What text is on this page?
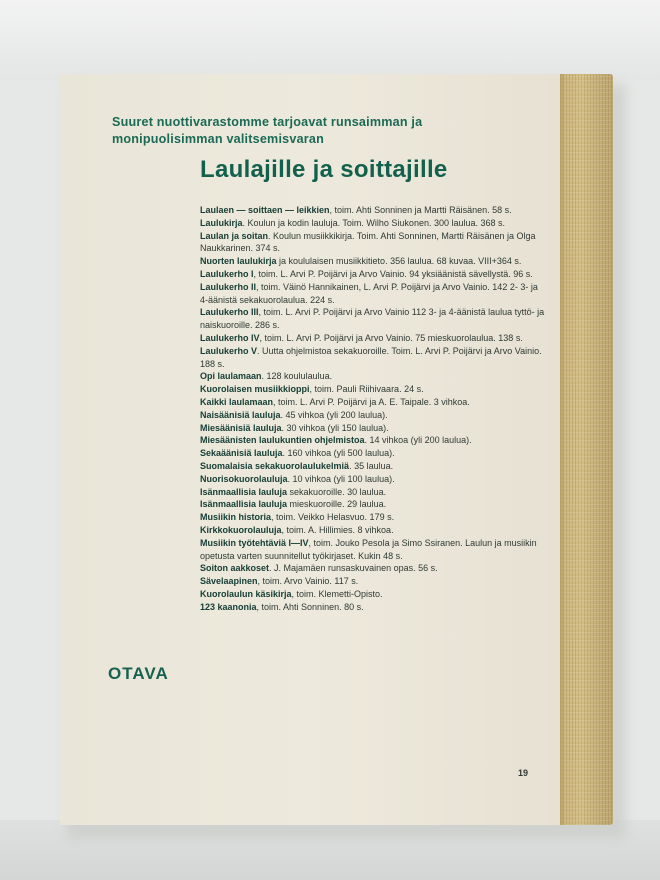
Suuret nuottivarastomme tarjoavat runsaimman ja monipuolisimman valitsemisvaran
Laulajille ja soittajille
Laulaen — soittaen — leikkien, toim. Ahti Sonninen ja Martti Räisänen. 58 s.
Laulukirja. Koulun ja kodin lauluja. Toim. Wilho Siukonen. 300 laulua. 368 s.
Laulan ja soitan. Koulun musiikkikirja. Toim. Ahti Sonninen, Martti Räisänen ja Olga Naukkarinen. 374 s.
Nuorten laulukirja ja koululaisen musiikkitieto. 356 laulua. 68 kuvaa. VIII+364 s.
Laulukerho I, toim. L. Arvi P. Poijärvi ja Arvo Vainio. 94 yksiäänistä sävellystä. 96 s.
Laulukerho II, toim. Väinö Hannikainen, L. Arvi P. Poijärvi ja Arvo Vainio. 142 2- 3- ja 4-äänistä sekakuorolaulua. 224 s.
Laulukerho III, toim. L. Arvi P. Poijärvi ja Arvo Vainio 112 3- ja 4-äänistä laulua tyttö- ja naiskuoroille. 286 s.
Laulukerho IV, toim. L. Arvi P. Poijärvi ja Arvo Vainio. 75 mieskuorolaulua. 138 s.
Laulukerho V. Uutta ohjelmistoa sekakuoroille. Toim. L. Arvi P. Poijärvi ja Arvo Vainio. 188 s.
Opi laulamaan. 128 koululaulua.
Kuorolaisen musiikkioppi, toim. Pauli Riihivaara. 24 s.
Kaikki laulamaan, toim. L. Arvi P. Poijärvi ja A. E. Taipale. 3 vihkoa.
Naisäänisiä lauluja. 45 vihkoa (yli 200 laulua).
Miesäänisiä lauluja. 30 vihkoa (yli 150 laulua).
Miesäänisten laulukuntien ohjelmistoa. 14 vihkoa (yli 200 laulua).
Sekaäänisiä lauluja. 160 vihkoa (yli 500 laulua).
Suomalaisia sekakuorolaulukelmiä. 35 laulua.
Nuorisokuorolauluja. 10 vihkoa (yli 100 laulua).
Isänmaallisia lauluja sekakuoroille. 30 laulua.
Isänmaallisia lauluja mieskuoroille. 29 laulua.
Musiikin historia, toim. Veikko Helasvuo. 179 s.
Kirkkokuorolauluja, toim. A. Hillimies. 8 vihkoa.
Musiikin työtehtäviä I—IV, toim. Jouko Pesola ja Simo Ssiranen. Laulun ja musiikin opetusta varten suunnitellut työkirjaset. Kukin 48 s.
Soiton aakkoset. J. Majamäen runsaskuvainen opas. 56 s.
Sävelaapinen, toim. Arvo Vainio. 117 s.
Kuorolaulun käsikirja, toim. Klemetti-Opisto.
123 kaanonia, toim. Ahti Sonninen. 80 s.
OTAVA
19
